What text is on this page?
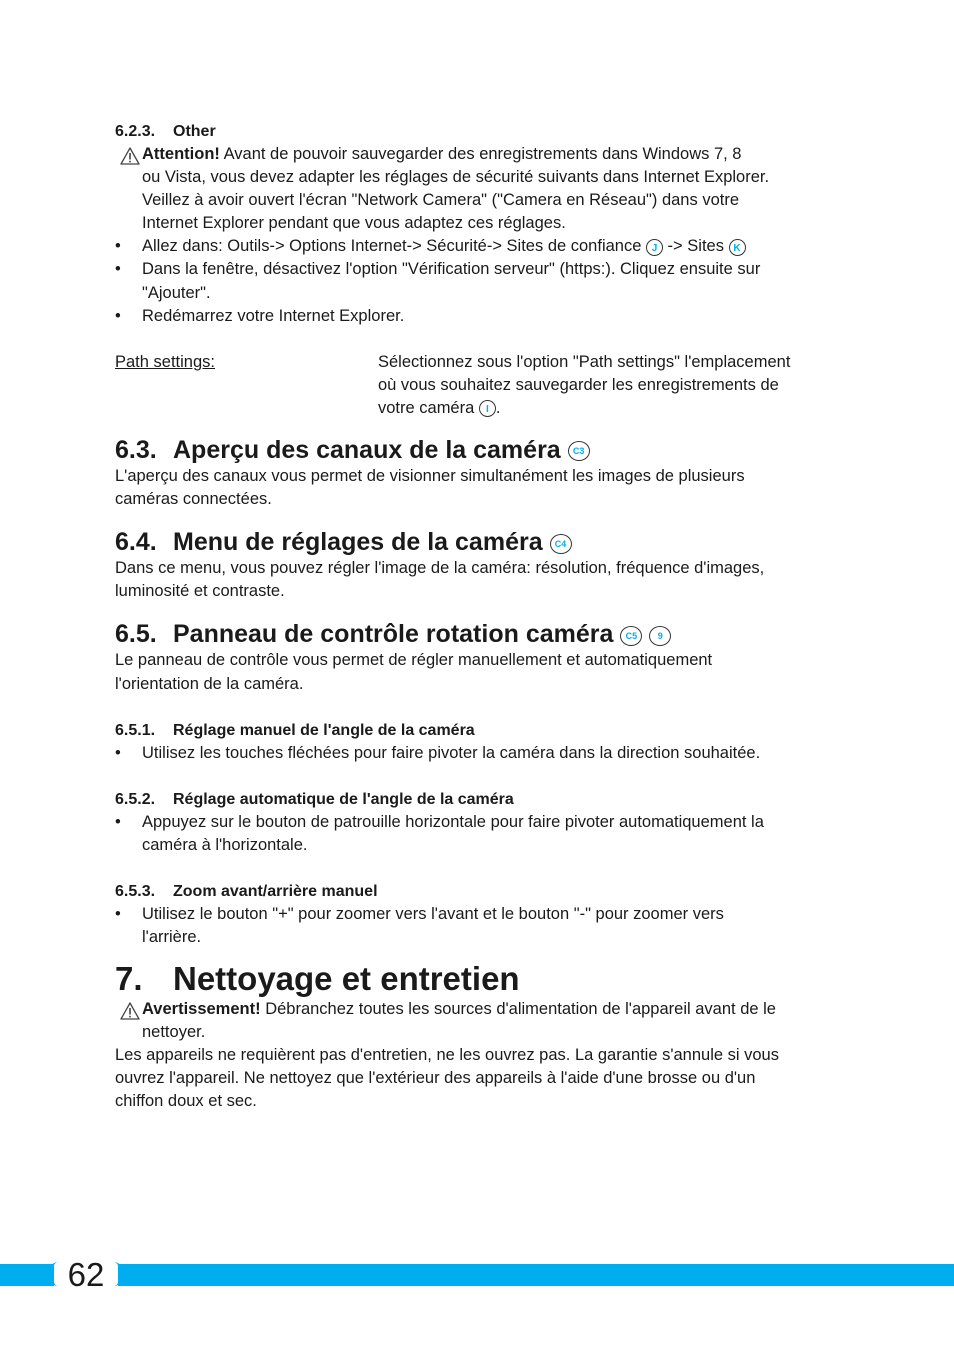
6.2.3. Other
Attention! Avant de pouvoir sauvegarder des enregistrements dans Windows 7, 8
ou Vista, vous devez adapter les réglages de sécurité suivants dans Internet Explorer.
Veillez à avoir ouvert l'écran "Network Camera" ("Camera en Réseau") dans votre
Internet Explorer pendant que vous adaptez ces réglages.
• Allez dans: Outils-> Options Internet-> Sécurité-> Sites de confiance J -> Sites K
• Dans la fenêtre, désactivez l'option "Vérification serveur" (https:). Cliquez ensuite sur
"Ajouter".
• Redémarrez votre Internet Explorer.
Path settings:	Sélectionnez sous l'option "Path settings" l'emplacement
où vous souhaitez sauvegarder les enregistrements de
votre caméra I .
6.3. Aperçu des canaux de la caméra C3
L'aperçu des canaux vous permet de visionner simultanément les images de plusieurs
caméras connectées.
6.4. Menu de réglages de la caméra C4
Dans ce menu, vous pouvez régler l'image de la caméra: résolution, fréquence d'images,
luminosité et contraste.
6.5. Panneau de contrôle rotation caméra C5 9
Le panneau de contrôle vous permet de régler manuellement et automatiquement
l'orientation de la caméra.
6.5.1. Réglage manuel de l'angle de la caméra
• Utilisez les touches fléchées pour faire pivoter la caméra dans la direction souhaitée.
6.5.2. Réglage automatique de l'angle de la caméra
• Appuyez sur le bouton de patrouille horizontale pour faire pivoter automatiquement la
caméra à l'horizontale.
6.5.3. Zoom avant/arrière manuel
• Utilisez le bouton "+" pour zoomer vers l'avant et le bouton "-" pour zoomer vers
l'arrière.
7. Nettoyage et entretien
Avertissement! Débranchez toutes les sources d'alimentation de l'appareil avant de le
nettoyer.
Les appareils ne requièrent pas d'entretien, ne les ouvrez pas. La garantie s'annule si vous
ouvrez l'appareil. Ne nettoyez que l'extérieur des appareils à l'aide d'une brosse ou d'un
chiffon doux et sec.
62
